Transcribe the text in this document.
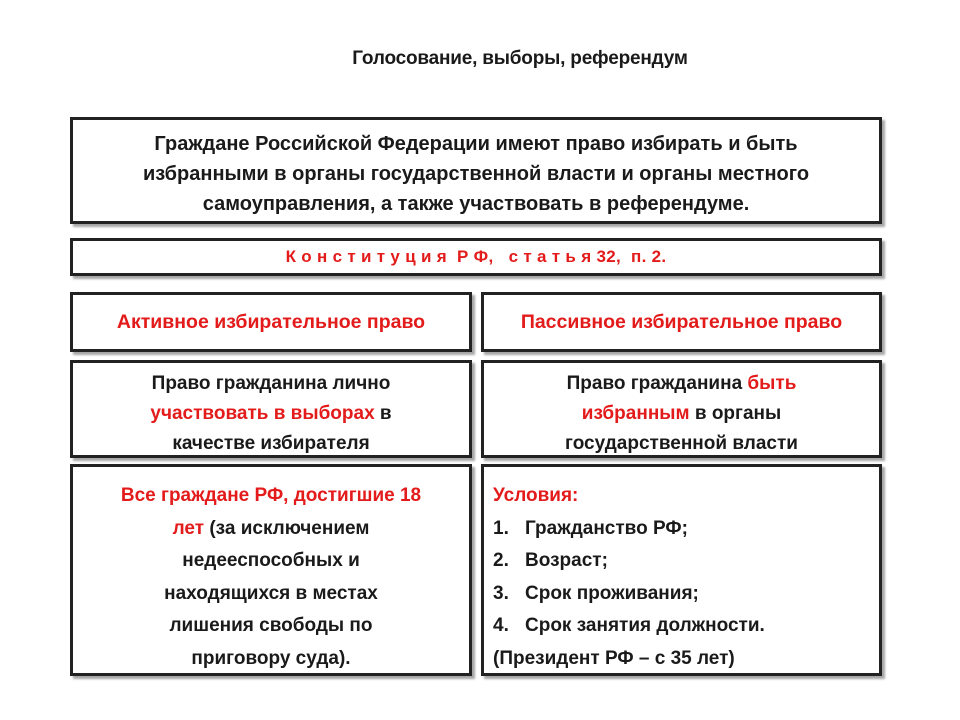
Голосование, выборы, референдум
Граждане Российской Федерации имеют право избирать и быть
избранными в органы государственной власти и органы местного
самоуправления, а также участвовать в референдуме.
К о н с т и т у ц и я  Р Ф,   с т а т ь я 32,  п. 2.
Активное избирательное право	Пассивное избирательное право
Право гражданина лично
участвовать в выборах в
качестве избирателя
Право гражданина быть
избранным в органы
государственной власти
Все граждане РФ, достигшие 18
лет (за исключением
недееспособных и
находящихся в местах
лишения свободы по
приговору суда).
Условия:
1. Гражданство РФ;
2. Возраст;
3. Срок проживания;
4. Срок занятия должности.
(Президент РФ – с 35 лет)
